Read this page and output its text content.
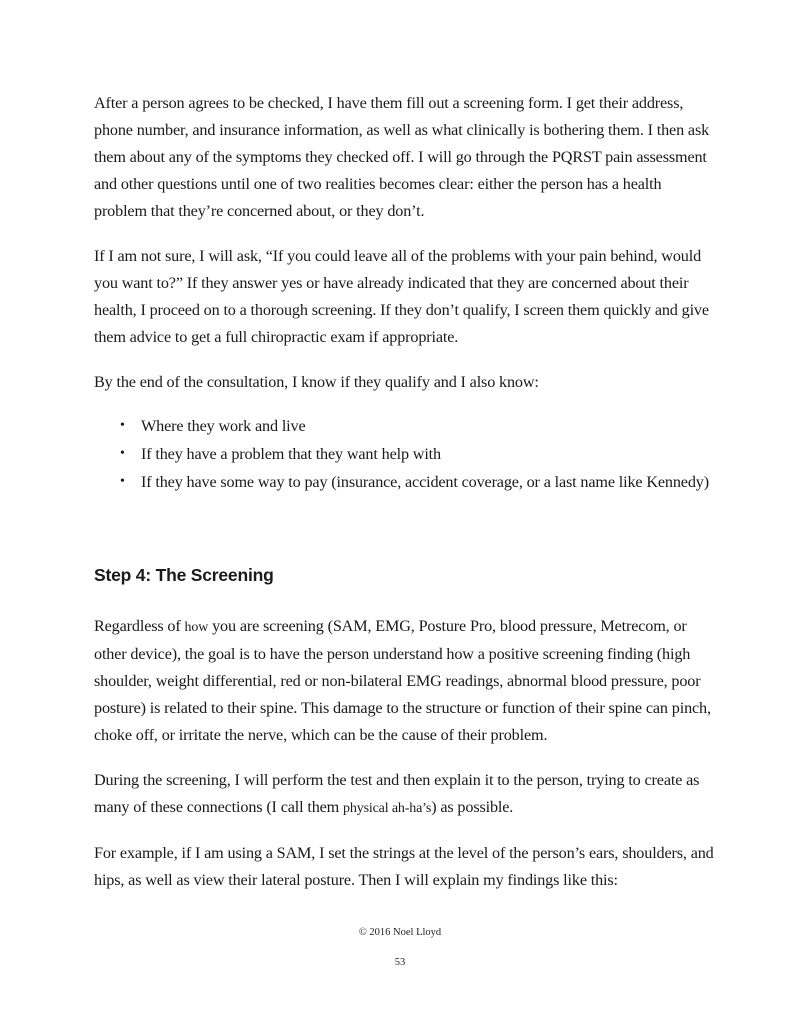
After a person agrees to be checked, I have them fill out a screening form. I get their address, phone number, and insurance information, as well as what clinically is bothering them. I then ask them about any of the symptoms they checked off. I will go through the PQRST pain assessment and other questions until one of two realities becomes clear: either the person has a health problem that they’re concerned about, or they don’t.

If I am not sure, I will ask, “If you could leave all of the problems with your pain behind, would you want to?” If they answer yes or have already indicated that they are concerned about their health, I proceed on to a thorough screening. If they don’t qualify, I screen them quickly and give them advice to get a full chiropractic exam if appropriate.

By the end of the consultation, I know if they qualify and I also know:

• Where they work and live
• If they have a problem that they want help with
• If they have some way to pay (insurance, accident coverage, or a last name like Kennedy)
Step 4: The Screening

Regardless of how you are screening (SAM, EMG, Posture Pro, blood pressure, Metrecom, or other device), the goal is to have the person understand how a positive screening finding (high shoulder, weight differential, red or non-bilateral EMG readings, abnormal blood pressure, poor posture) is related to their spine. This damage to the structure or function of their spine can pinch, choke off, or irritate the nerve, which can be the cause of their problem.

During the screening, I will perform the test and then explain it to the person, trying to create as many of these connections (I call them physical ah-ha’s) as possible.

For example, if I am using a SAM, I set the strings at the level of the person’s ears, shoulders, and hips, as well as view their lateral posture. Then I will explain my findings like this:

© 2016 Noel Lloyd
53
